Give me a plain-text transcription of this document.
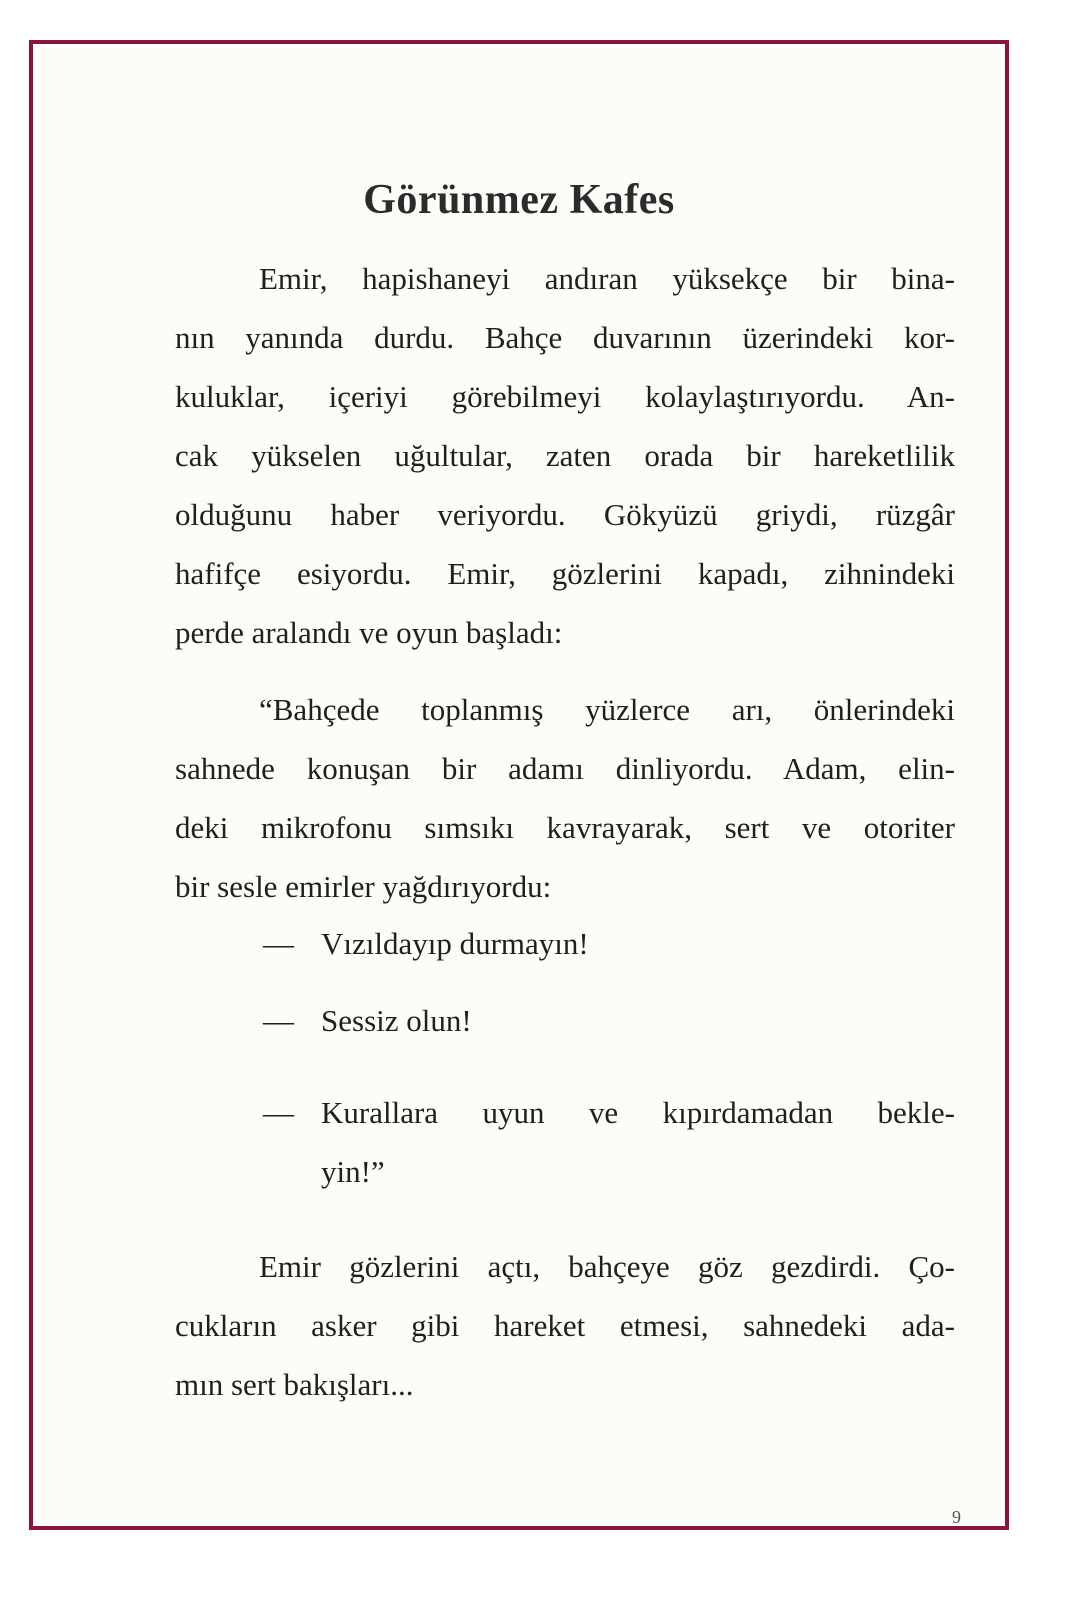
Görünmez Kafes

Emir, hapishaneyi andıran yüksekçe bir bina-
nın yanında durdu. Bahçe duvarının üzerindeki kor-
kuluklar, içeriyi görebilmeyi kolaylaştırıyordu. An-
cak yükselen uğultular, zaten orada bir hareketlilik
olduğunu haber veriyordu. Gökyüzü griydi, rüzgâr
hafifçe esiyordu. Emir, gözlerini kapadı, zihnindeki
perde aralandı ve oyun başladı:

“Bahçede toplanmış yüzlerce arı, önlerindeki
sahnede konuşan bir adamı dinliyordu. Adam, elin-
deki mikrofonu sımsıkı kavrayarak, sert ve otoriter
bir sesle emirler yağdırıyordu:

— Vızıldayıp durmayın!

— Sessiz olun!

— Kurallara uyun ve kıpırdamadan bekle-
yin!”

Emir gözlerini açtı, bahçeye göz gezdirdi. Ço-
cukların asker gibi hareket etmesi, sahnedeki ada-
mın sert bakışları...

9
